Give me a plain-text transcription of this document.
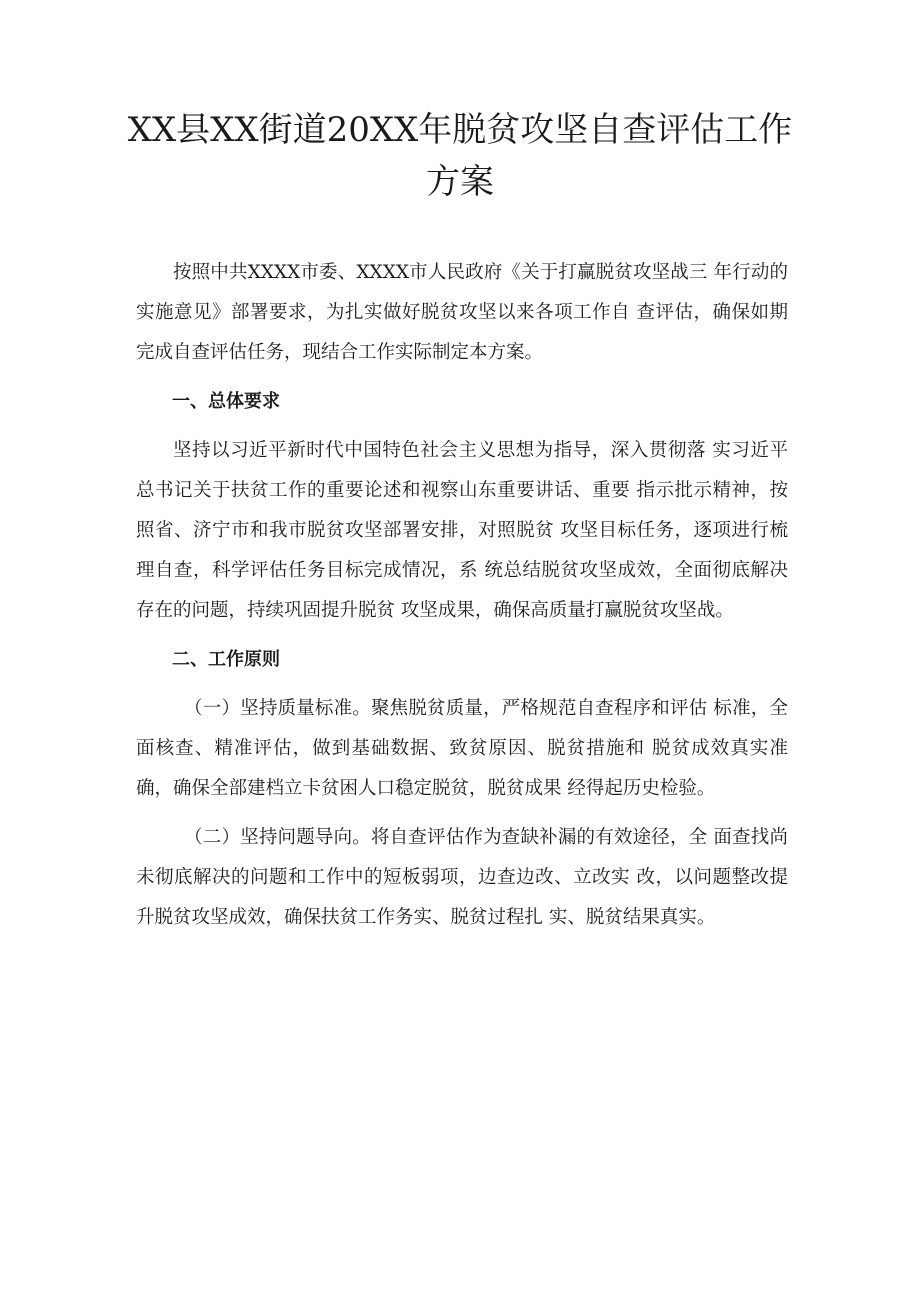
XX县XX街道20XX年脱贫攻坚自查评估工作
方案

按照中共XXXX市委、XXXX市人民政府《关于打赢脱贫攻坚战三 年行动的实施意见》部署要求，为扎实做好脱贫攻坚以来各项工作自 查评估，确保如期完成自查评估任务，现结合工作实际制定本方案。

一、总体要求

坚持以习近平新时代中国特色社会主义思想为指导，深入贯彻落 实习近平总书记关于扶贫工作的重要论述和视察山东重要讲话、重要 指示批示精神，按照省、济宁市和我市脱贫攻坚部署安排，对照脱贫 攻坚目标任务，逐项进行梳理自查，科学评估任务目标完成情况，系 统总结脱贫攻坚成效，全面彻底解决存在的问题，持续巩固提升脱贫 攻坚成果，确保高质量打赢脱贫攻坚战。

二、工作原则

（一）坚持质量标准。聚焦脱贫质量，严格规范自查程序和评估 标准，全面核查、精准评估，做到基础数据、致贫原因、脱贫措施和 脱贫成效真实准确，确保全部建档立卡贫困人口稳定脱贫，脱贫成果 经得起历史检验。

（二）坚持问题导向。将自查评估作为查缺补漏的有效途径，全 面查找尚未彻底解决的问题和工作中的短板弱项，边查边改、立改实 改，以问题整改提升脱贫攻坚成效，确保扶贫工作务实、脱贫过程扎 实、脱贫结果真实。
